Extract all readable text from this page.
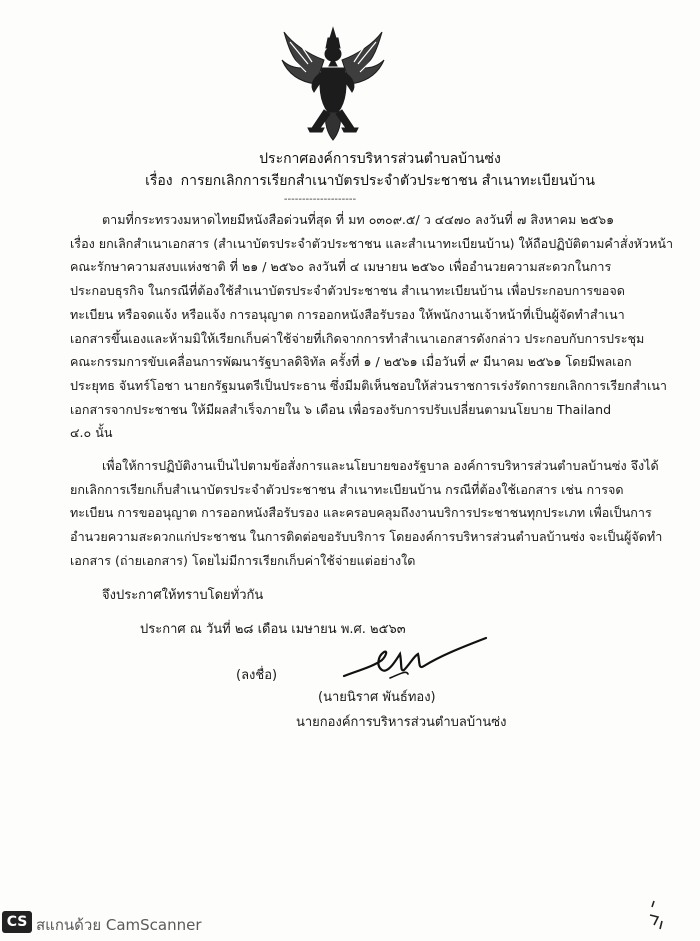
ประกาศองค์การบริหารส่วนตำบลบ้านซ่ง
เรื่อง การยกเลิกการเรียกสำเนาบัตรประจำตัวประชาชน สำเนาทะเบียนบ้าน
--------------------
ตามที่กระทรวงมหาดไทยมีหนังสือด่วนที่สุด ที่ มท ๐๓๐๙.๕/ ว ๔๔๗๐ ลงวันที่ ๗ สิงหาคม ๒๕๖๑
เรื่อง ยกเลิกสำเนาเอกสาร (สำเนาบัตรประจำตัวประชาชน และสำเนาทะเบียนบ้าน) ให้ถือปฏิบัติตามคำสั่งหัวหน้า
คณะรักษาความสงบแห่งชาติ ที่ ๒๑ / ๒๕๖๐ ลงวันที่ ๔ เมษายน ๒๕๖๐ เพื่ออำนวยความสะดวกในการ
ประกอบธุรกิจ ในกรณีที่ต้องใช้สำเนาบัตรประจำตัวประชาชน สำเนาทะเบียนบ้าน เพื่อประกอบการขอจด
ทะเบียน หรือจดแจ้ง หรือแจ้ง การอนุญาต การออกหนังสือรับรอง ให้พนักงานเจ้าหน้าที่เป็นผู้จัดทำสำเนา
เอกสารขึ้นเองและห้ามมิให้เรียกเก็บค่าใช้จ่ายที่เกิดจากการทำสำเนาเอกสารดังกล่าว ประกอบกับการประชุม
คณะกรรมการขับเคลื่อนการพัฒนารัฐบาลดิจิทัล ครั้งที่ ๑ / ๒๕๖๑ เมื่อวันที่ ๙ มีนาคม ๒๕๖๑ โดยมีพลเอก
ประยุทธ จันทร์โอชา นายกรัฐมนตรีเป็นประธาน ซึ่งมีมติเห็นชอบให้ส่วนราชการเร่งรัดการยกเลิกการเรียกสำเนา
เอกสารจากประชาชน ให้มีผลสำเร็จภายใน ๖ เดือน เพื่อรองรับการปรับเปลี่ยนตามนโยบาย Thailand
๔.๐ นั้น
เพื่อให้การปฏิบัติงานเป็นไปตามข้อสั่งการและนโยบายของรัฐบาล องค์การบริหารส่วนตำบลบ้านซ่ง จึงได้
ยกเลิกการเรียกเก็บสำเนาบัตรประจำตัวประชาชน สำเนาทะเบียนบ้าน กรณีที่ต้องใช้เอกสาร เช่น การจด
ทะเบียน การขออนุญาต การออกหนังสือรับรอง และครอบคลุมถึงงานบริการประชาชนทุกประเภท เพื่อเป็นการ
อำนวยความสะดวกแก่ประชาชน ในการติดต่อขอรับบริการ โดยองค์การบริหารส่วนตำบลบ้านซ่ง จะเป็นผู้จัดทำ
เอกสาร (ถ่ายเอกสาร) โดยไม่มีการเรียกเก็บค่าใช้จ่ายแต่อย่างใด
จึงประกาศให้ทราบโดยทั่วกัน
ประกาศ ณ วันที่ ๒๘ เดือน เมษายน พ.ศ. ๒๕๖๓
(ลงชื่อ)
(นายนิราศ พันธ์ทอง)
นายกองค์การบริหารส่วนตำบลบ้านซ่ง
CS สแกนด้วย CamScanner
